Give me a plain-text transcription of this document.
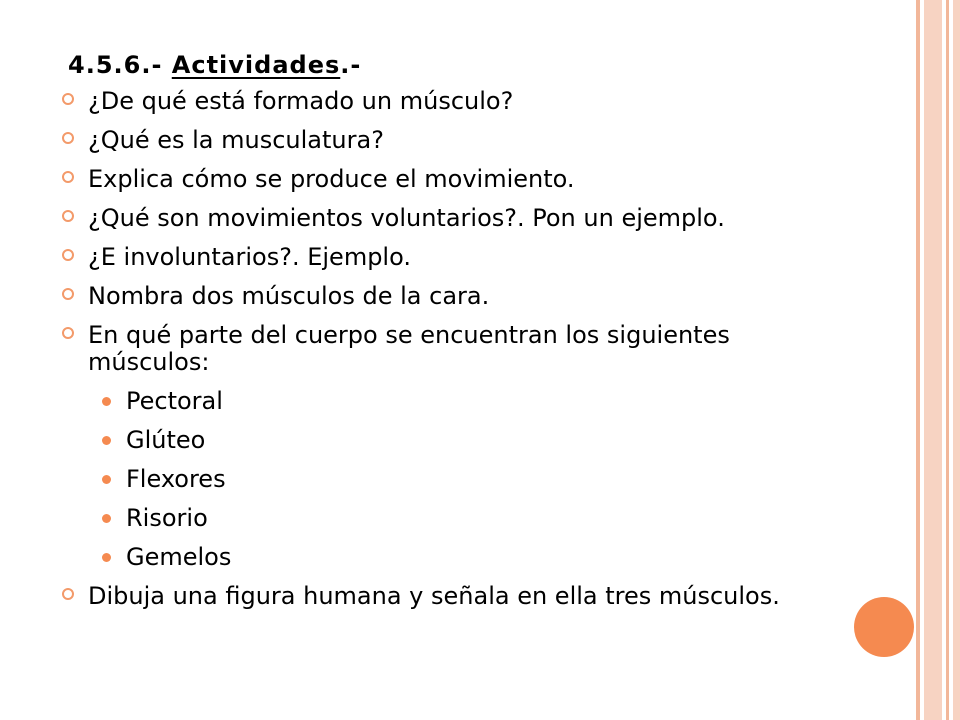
4.5.6.- Actividades.-
¿De qué está formado un músculo?
¿Qué es la musculatura?
Explica cómo se produce el movimiento.
¿Qué son movimientos voluntarios?. Pon un ejemplo.
¿E involuntarios?. Ejemplo.
Nombra dos músculos de la cara.
En qué parte del cuerpo se encuentran los siguientes músculos:
Pectoral
Glúteo
Flexores
Risorio
Gemelos
Dibuja una figura humana y señala en ella tres músculos.
